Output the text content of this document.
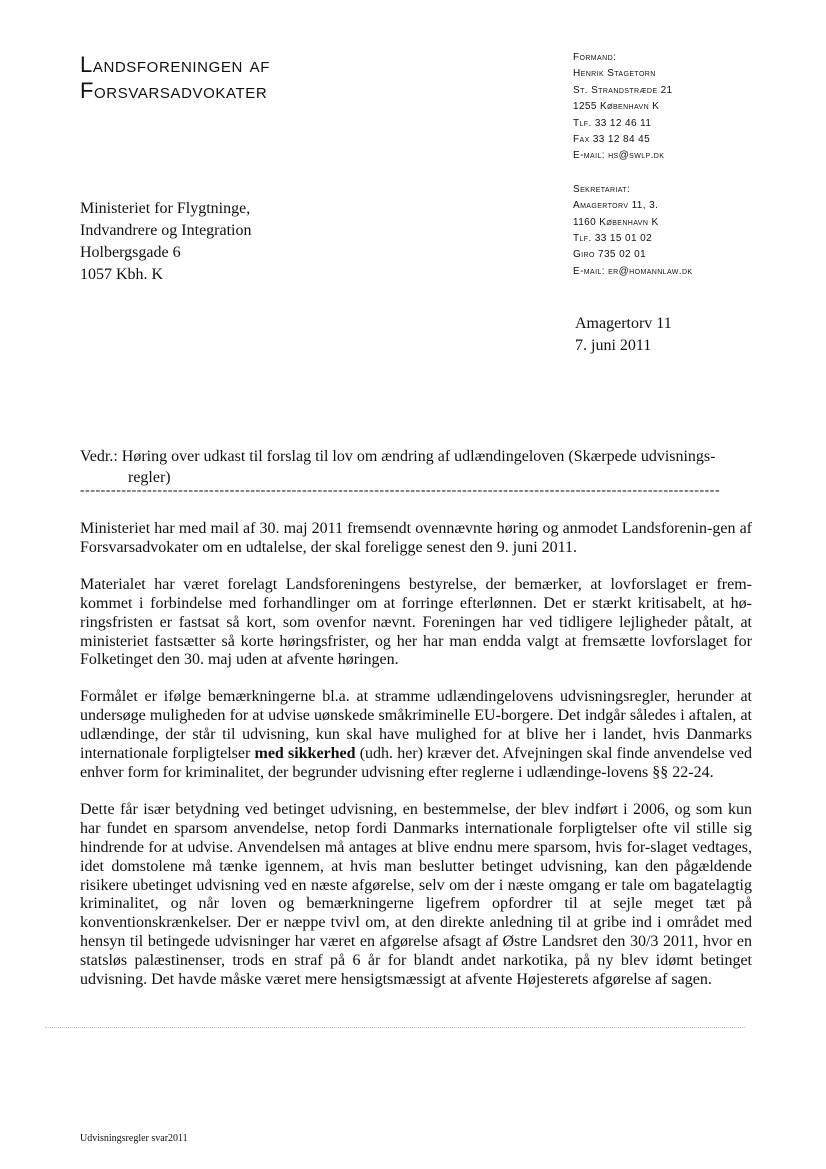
Landsforeningen af
Forsvarsadvokater
Formand:
Henrik Stagetorn
St. Strandstræde 21
1255 København K
Tlf. 33 12 46 11
Fax 33 12 84 45
E-mail: hs@swlp.dk
Sekretariat:
Amagertorv 11, 3.
1160 København K
Tlf. 33 15 01 02
Giro 735 02 01
E-mail: er@homannlaw.dk
Ministeriet for Flygtninge,
Indvandrere og Integration
Holbergsgade 6
1057 Kbh. K
Amagertorv 11
7. juni 2011
Vedr.: Høring over udkast til forslag til lov om ændring af udlændingeloven (Skærpede udvisnings-
regler)
----------------------------------------------------------------------------------------------------------------------------

Ministeriet har med mail af 30. maj 2011 fremsendt ovennævnte høring og anmodet Landsforenin-gen af Forsvarsadvokater om en udtalelse, der skal foreligge senest den 9. juni 2011.

Materialet har været forelagt Landsforeningens bestyrelse, der bemærker, at lovforslaget er frem-kommet i forbindelse med forhandlinger om at forringe efterlønnen. Det er stærkt kritisabelt, at hø-ringsfristen er fastsat så kort, som ovenfor nævnt. Foreningen har ved tidligere lejligheder påtalt, at ministeriet fastsætter så korte høringsfrister, og her har man endda valgt at fremsætte lovforslaget for Folketinget den 30. maj uden at afvente høringen.

Formålet er ifølge bemærkningerne bl.a. at stramme udlændingelovens udvisningsregler, herunder at undersøge muligheden for at udvise uønskede småkriminelle EU-borgere. Det indgår således i aftalen, at udlændinge, der står til udvisning, kun skal have mulighed for at blive her i landet, hvis Danmarks internationale forpligtelser med sikkerhed (udh. her) kræver det. Afvejningen skal finde anvendelse ved enhver form for kriminalitet, der begrunder udvisning efter reglerne i udlændinge-lovens §§ 22-24.

Dette får især betydning ved betinget udvisning, en bestemmelse, der blev indført i 2006, og som kun har fundet en sparsom anvendelse, netop fordi Danmarks internationale forpligtelser ofte vil stille sig hindrende for at udvise. Anvendelsen må antages at blive endnu mere sparsom, hvis for-slaget vedtages, idet domstolene må tænke igennem, at hvis man beslutter betinget udvisning, kan den pågældende risikere ubetinget udvisning ved en næste afgørelse, selv om der i næste omgang er tale om bagatelagtig kriminalitet, og når loven og bemærkningerne ligefrem opfordrer til at sejle meget tæt på konventionskrænkelser. Der er næppe tvivl om, at den direkte anledning til at gribe ind i området med hensyn til betingede udvisninger har været en afgørelse afsagt af Østre Landsret den 30/3 2011, hvor en statsløs palæstinenser, trods en straf på 6 år for blandt andet narkotika, på ny blev idømt betinget udvisning. Det havde måske været mere hensigtsmæssigt at afvente Højesterets afgørelse af sagen.

Udvisningsregler svar2011
